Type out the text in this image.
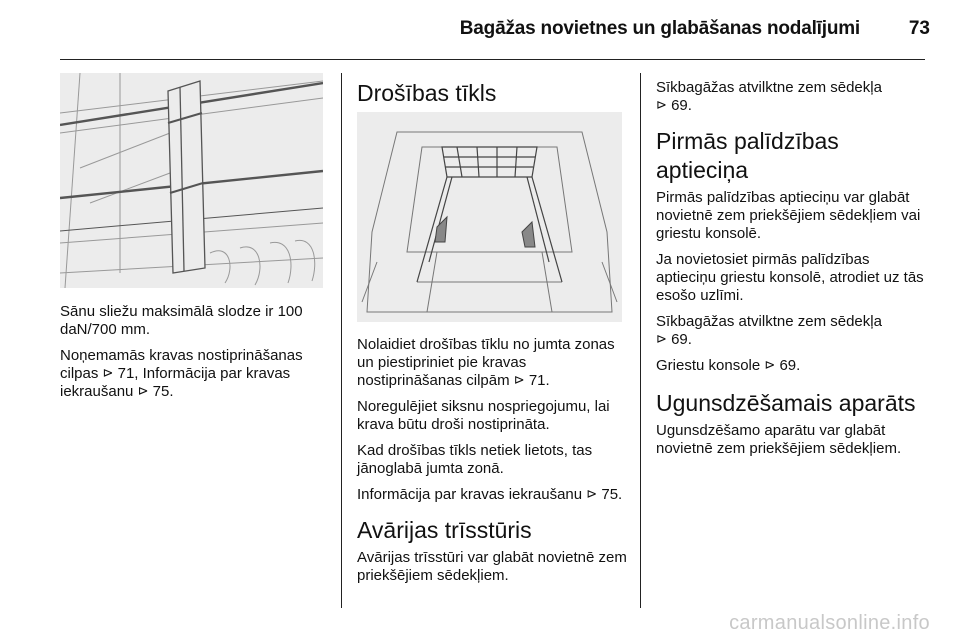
Bagāžas novietnes un glabāšanas nodalījumi	73

Sānu sliežu maksimālā slodze ir 100 daN/700 mm.

Noņemamās kravas nostiprināšanas cilpas ⊳ 71, Informācija par kravas iekraušanu ⊳ 75.

Drošības tīkls

Nolaidiet drošības tīklu no jumta zonas un piestipriniet pie kravas nostiprināšanas cilpām ⊳ 71.

Noregulējiet siksnu nospriegojumu, lai krava būtu droši nostiprināta.

Kad drošības tīkls netiek lietots, tas jānoglabā jumta zonā.

Informācija par kravas iekraušanu ⊳ 75.

Avārijas trīsstūris

Avārijas trīsstūri var glabāt novietnē zem priekšējiem sēdekļiem.

Sīkbagāžas atvilktne zem sēdekļa
⊳ 69.

Pirmās palīdzības aptieciņa

Pirmās palīdzības aptieciņu var glabāt novietnē zem priekšējiem sēdekļiem vai griestu konsolē.

Ja novietosiet pirmās palīdzības aptieciņu griestu konsolē, atrodiet uz tās esošo uzlīmi.

Sīkbagāžas atvilktne zem sēdekļa
⊳ 69.

Griestu konsole ⊳ 69.

Ugunsdzēšamais aparāts

Ugunsdzēšamo aparātu var glabāt novietnē zem priekšējiem sēdekļiem.

carmanualsonline.info
